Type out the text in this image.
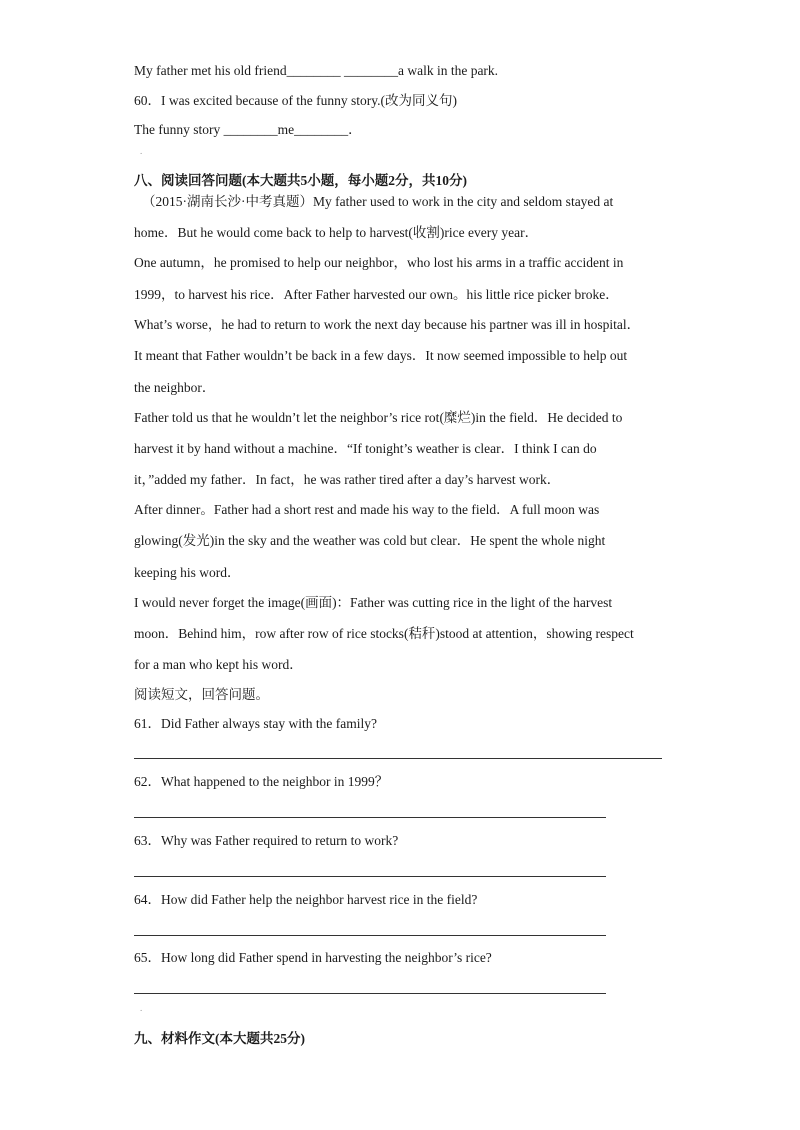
My father met his old friend________ ________a walk in the park.
60．I was excited because of the funny story.(改为同义句)
The funny story ________me________．
.
八、阅读回答问题(本大题共5小题，每小题2分，共10分)
（2015·湖南长沙·中考真题）My father used to work in the city and seldom stayed at
home．But he would come back to help to harvest(收割)rice every year．
One autumn，he promised to help our neighbor，who lost his arms in a traffic accident in
1999，to harvest his rice．After Father harvested our own。his little rice picker broke．
What’s worse，he had to return to work the next day because his partner was ill in hospital．
It meant that Father wouldn’t be back in a few days．It now seemed impossible to help out
the neighbor．
Father told us that he wouldn’t let the neighbor’s rice rot(糜烂)in the field．He decided to
harvest it by hand without a machine．“If tonight’s weather is clear．I think I can do
it，”added my father．In fact，he was rather tired after a day’s harvest work．
After dinner。Father had a short rest and made his way to the field．A full moon was
glowing(发光)in the sky and the weather was cold but clear．He spent the whole night
keeping his word．
I would never forget the image(画面)：Father was cutting rice in the light of the harvest
moon．Behind him，row after row of rice stocks(秸秆)stood at attention，showing respect
for a man who kept his word．
阅读短文，回答问题。
61．Did Father always stay with the family?
62．What happened to the neighbor in 1999？
63．Why was Father required to return to work?
64．How did Father help the neighbor harvest rice in the field?
65．How long did Father spend in harvesting the neighbor’s rice?
.
九、材料作文(本大题共25分)
